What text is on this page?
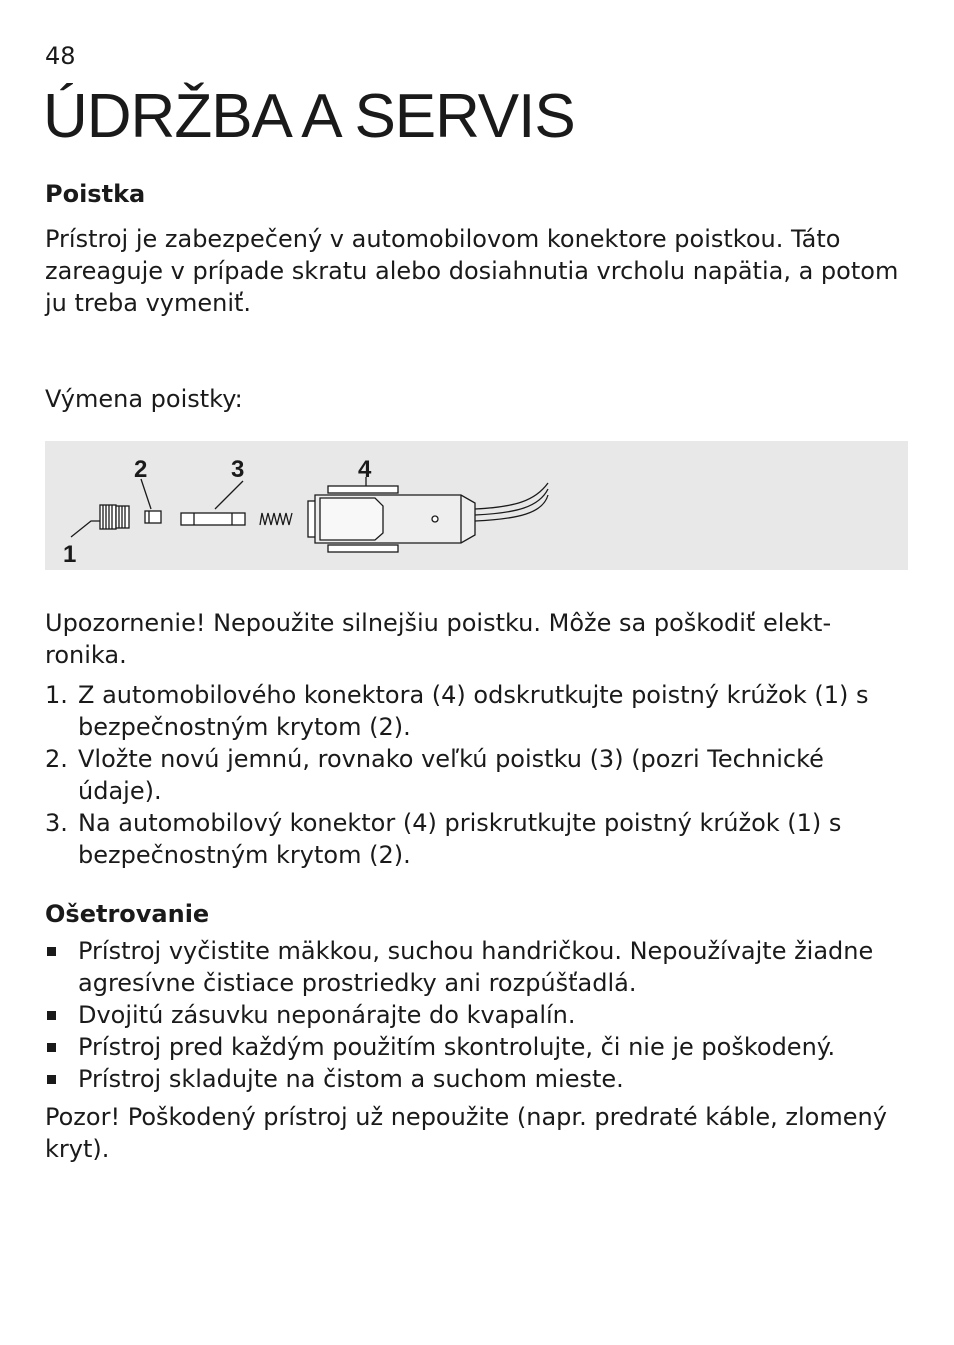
48
ÚDRŽBA A SERVIS
Poistka

Prístroj je zabezpečený v automobilovom konektore poistkou. Táto zareaguje v prípade skratu alebo dosiahnutia vrcholu napätia, a potom ju treba vymeniť.

Výmena poistky:

1
2	3	4

Upozornenie! Nepoužite silnejšiu poistku. Môže sa poškodiť elekt- ronika.

1. Z automobilového konektora (4) odskrutkujte poistný krúžok (1) s bezpečnostným krytom (2).
2. Vložte novú jemnú, rovnako veľkú poistku (3) (pozri Technické údaje).
3. Na automobilový konektor (4) priskrutkujte poistný krúžok (1) s bezpečnostným krytom (2).
Ošetrovanie
Prístroj vyčistite mäkkou, suchou handričkou. Nepoužívajte žiadne agresívne čistiace prostriedky ani rozpúšťadlá.
Dvojitú zásuvku neponárajte do kvapalín.
Prístroj pred každým použitím skontrolujte, či nie je poškodený.
Prístroj skladujte na čistom a suchom mieste.

Pozor! Poškodený prístroj už nepoužite (napr. predraté káble, zlomený kryt).
